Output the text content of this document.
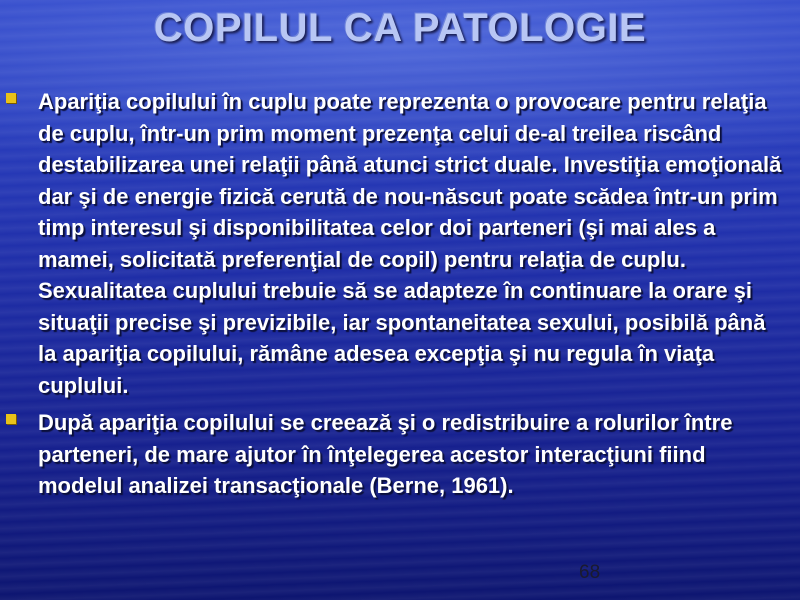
COPILUL CA PATOLOGIE
Apariţia copilului în cuplu poate reprezenta o provocare pentru relaţia de cuplu, într-un prim moment prezenţa celui de-al treilea riscând destabilizarea unei relaţii până atunci strict duale. Investiţia emoţională dar şi de energie fizică cerută de nou-născut poate scădea într-un prim timp interesul şi disponibilitatea celor doi parteneri (şi mai ales a mamei, solicitată preferenţial de copil) pentru relaţia de cuplu. Sexualitatea cuplului trebuie să se adapteze în continuare la orare şi situaţii precise şi previzibile, iar spontaneitatea sexului, posibilă până la apariţia copilului, rămâne adesea excepţia şi nu regula în viaţa cuplului.
După apariţia copilului se creează şi o redistribuire a rolurilor între parteneri, de mare ajutor în înţelegerea acestor interacţiuni fiind modelul analizei transacţionale (Berne, 1961).
68
